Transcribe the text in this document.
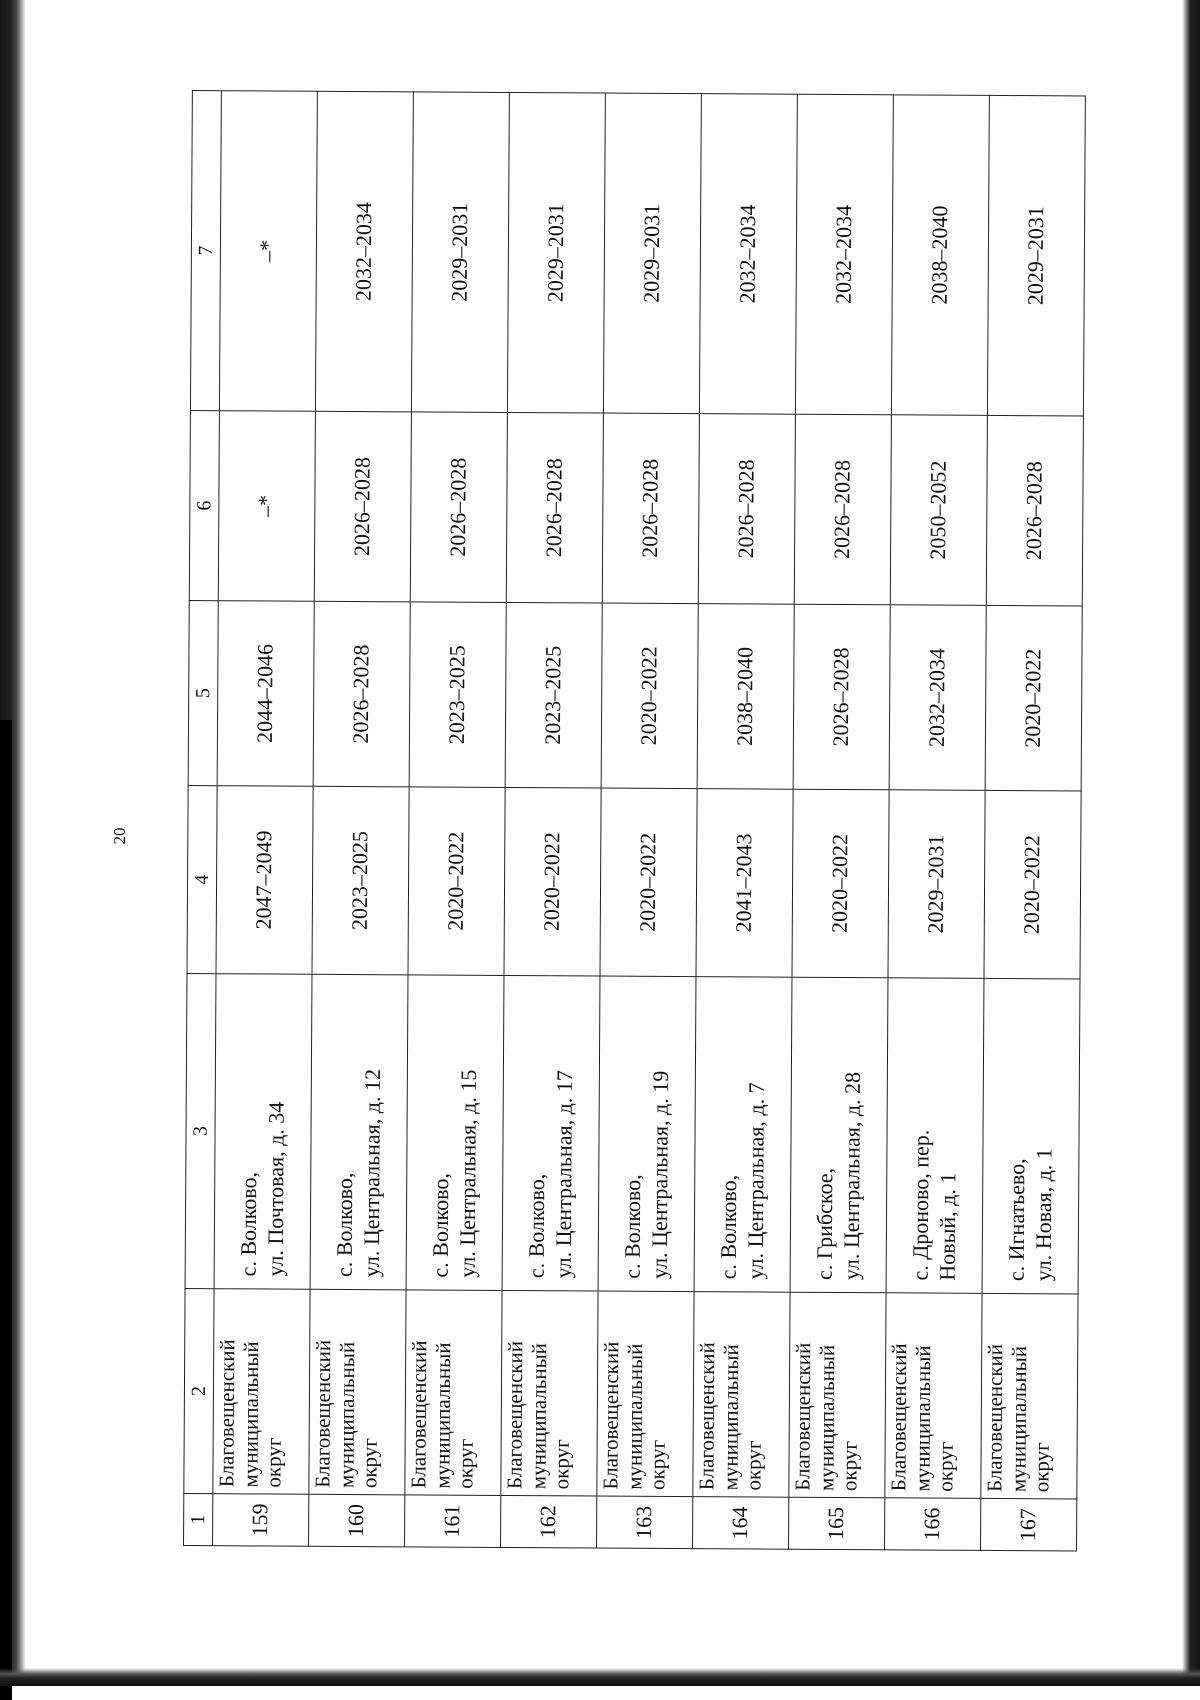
20
1	2	3	4	5	6	7
159	Благовещенский
муниципальный
округ	с. Волково, ул. Почтовая, д. 34	2047–2049	2044–2046	–*	–*
160	Благовещенский
муниципальный
округ	с. Волково, ул. Центральная, д. 12	2023–2025	2026–2028	2026–2028	2032–2034
161	Благовещенский
муниципальный
округ	с. Волково, ул. Центральная, д. 15	2020–2022	2023–2025	2026–2028	2029–2031
162	Благовещенский
муниципальный
округ	с. Волково, ул. Центральная, д. 17	2020–2022	2023–2025	2026–2028	2029–2031
163	Благовещенский
муниципальный
округ	с. Волково, ул. Центральная, д. 19	2020–2022	2020–2022	2026–2028	2029–2031
164	Благовещенский
муниципальный
округ	с. Волково, ул. Центральная, д. 7	2041–2043	2038–2040	2026–2028	2032–2034
165	Благовещенский
муниципальный
округ	с. Грибское, ул. Центральная, д. 28	2020–2022	2026–2028	2026–2028	2032–2034
166	Благовещенский
муниципальный
округ	с. Дроново, пер. Новый, д. 1	2029–2031	2032–2034	2050–2052	2038–2040
167	Благовещенский
муниципальный
округ	с. Игнатьево, ул. Новая, д. 1	2020–2022	2020–2022	2026–2028	2029–2031
